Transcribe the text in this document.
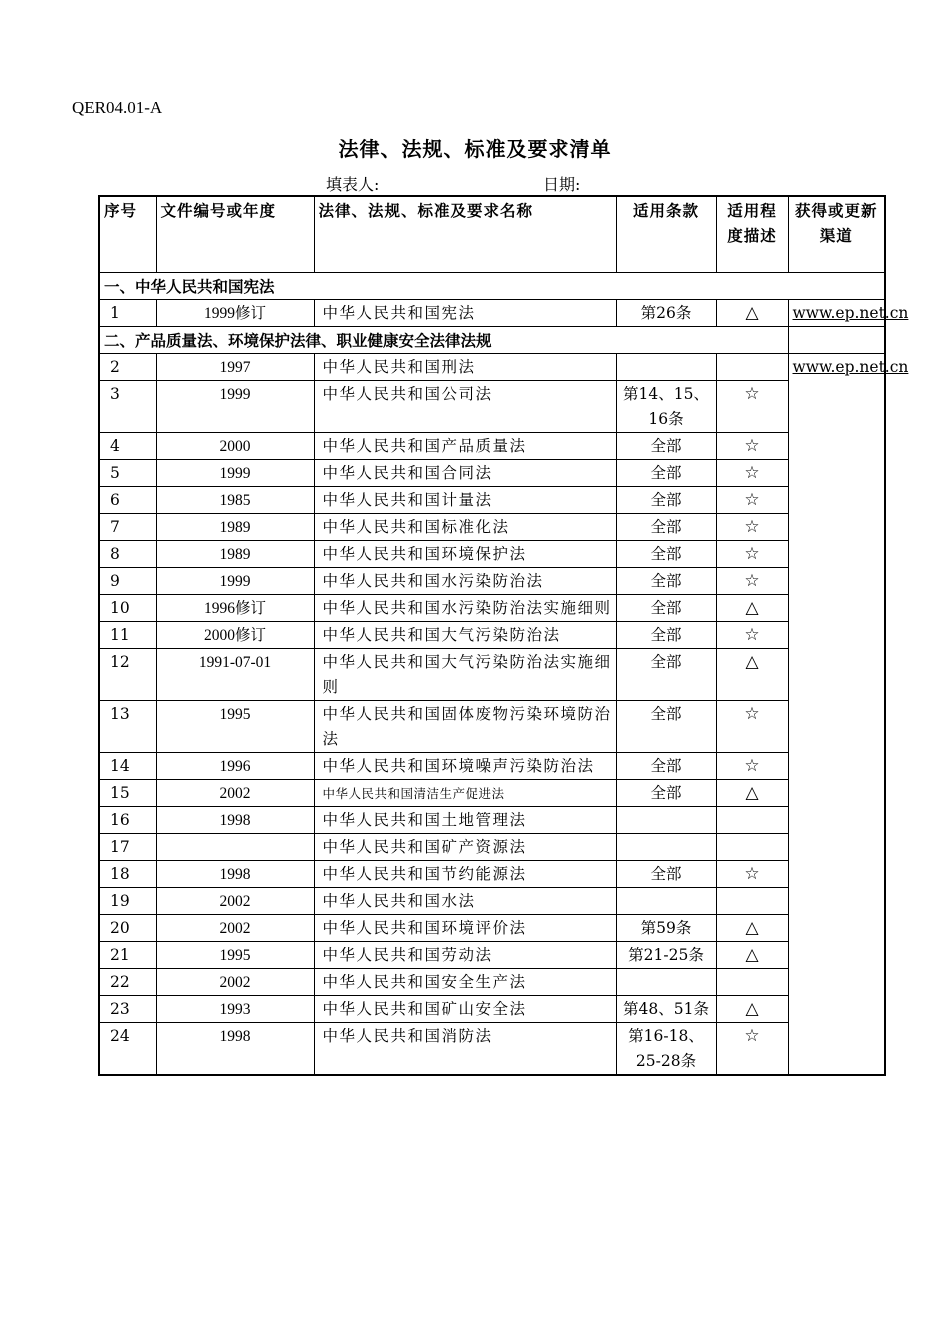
QER04.01-A
法律、法规、标准及要求清单
填表人:	日期:
序号	文件编号或年度	法律、法规、标准及要求名称	适用条款	适用程度描述	获得或更新渠道
一、中华人民共和国宪法					
1	1999修订	中华人民共和国宪法	第26条	△	www.ep.net.cn
二、产品质量法、环境保护法律、职业健康安全法律法规					
2	1997	中华人民共和国刑法			www.ep.net.cn
3	1999	中华人民共和国公司法	第14、15、16条	☆	
4	2000	中华人民共和国产品质量法	全部	☆	
5	1999	中华人民共和国合同法	全部	☆	
6	1985	中华人民共和国计量法	全部	☆	
7	1989	中华人民共和国标准化法	全部	☆	
8	1989	中华人民共和国环境保护法	全部	☆	
9	1999	中华人民共和国水污染防治法	全部	☆	
10	1996修订	中华人民共和国水污染防治法实施细则	全部	△	
11	2000修订	中华人民共和国大气污染防治法	全部	☆	
12	1991-07-01	中华人民共和国大气污染防治法实施细则	全部	△	
13	1995	中华人民共和国固体废物污染环境防治法	全部	☆	
14	1996	中华人民共和国环境噪声污染防治法	全部	☆	
15	2002	中华人民共和国清洁生产促进法	全部	△	
16	1998	中华人民共和国土地管理法			
17		中华人民共和国矿产资源法			
18	1998	中华人民共和国节约能源法	全部	☆	
19	2002	中华人民共和国水法			
20	2002	中华人民共和国环境评价法	第59条	△	
21	1995	中华人民共和国劳动法	第21-25条	△	
22	2002	中华人民共和国安全生产法			
23	1993	中华人民共和国矿山安全法	第48、51条	△	
24	1998	中华人民共和国消防法	第16-18、25-28条	☆	
